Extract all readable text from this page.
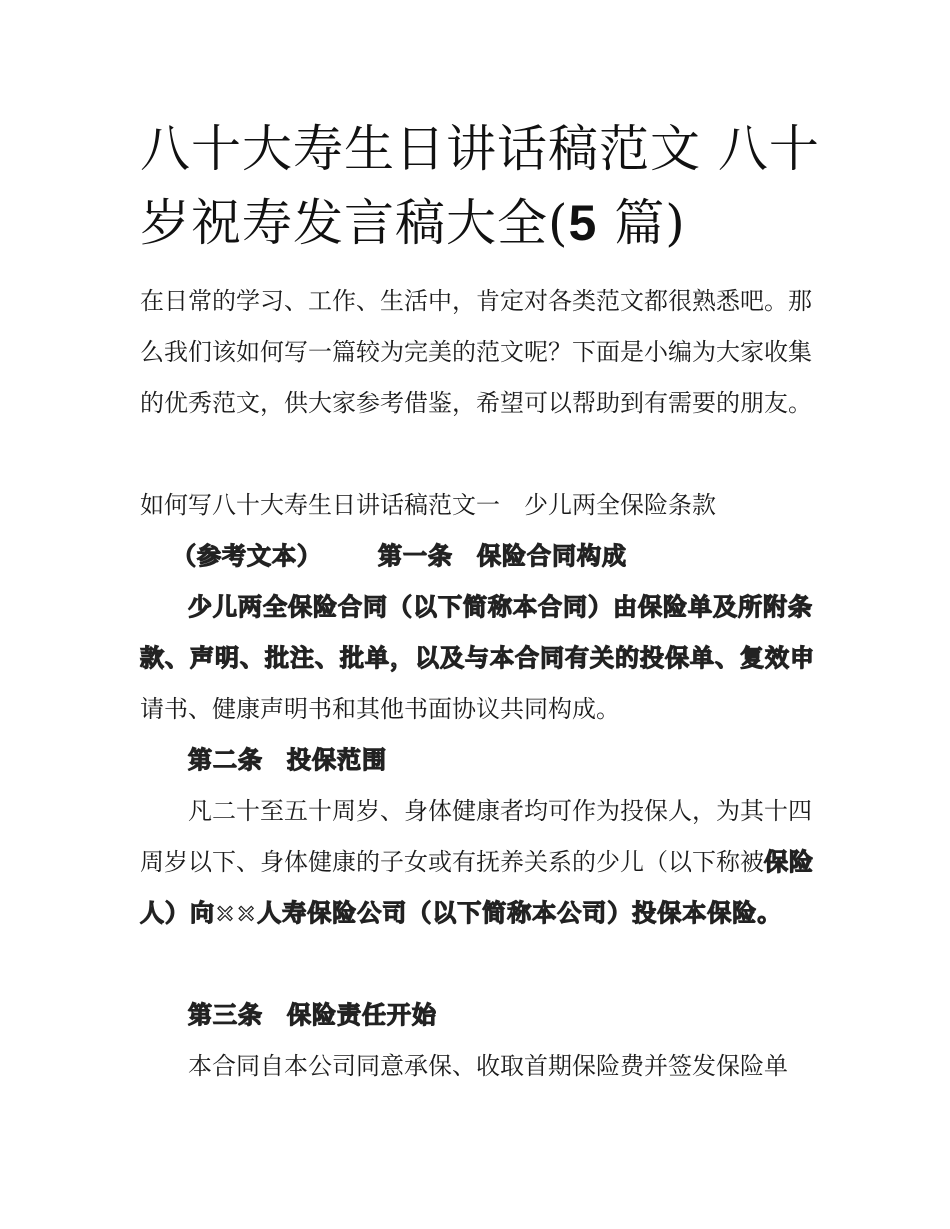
八十大寿生日讲话稿范文 八十
岁祝寿发言稿大全(5 篇)

在日常的学习、工作、生活中，肯定对各类范文都很熟悉吧。那么我们该如何写一篇较为完美的范文呢？下面是小编为大家收集的优秀范文，供大家参考借鉴，希望可以帮助到有需要的朋友。

如何写八十大寿生日讲话稿范文一 少儿两全保险条款

（参考文本） 第一条 保险合同构成

少儿两全保险合同（以下简称本合同）由保险单及所附条款、声明、批注、批单，以及与本合同有关的投保单、复效申请书、健康声明书和其他书面协议共同构成。

第二条 投保范围

凡二十至五十周岁、身体健康者均可作为投保人，为其十四周岁以下、身体健康的子女或有抚养关系的少儿（以下称被保险人）向××人寿保险公司（以下简称本公司）投保本保险。

第三条 保险责任开始

本合同自本公司同意承保、收取首期保险费并签发保险单
